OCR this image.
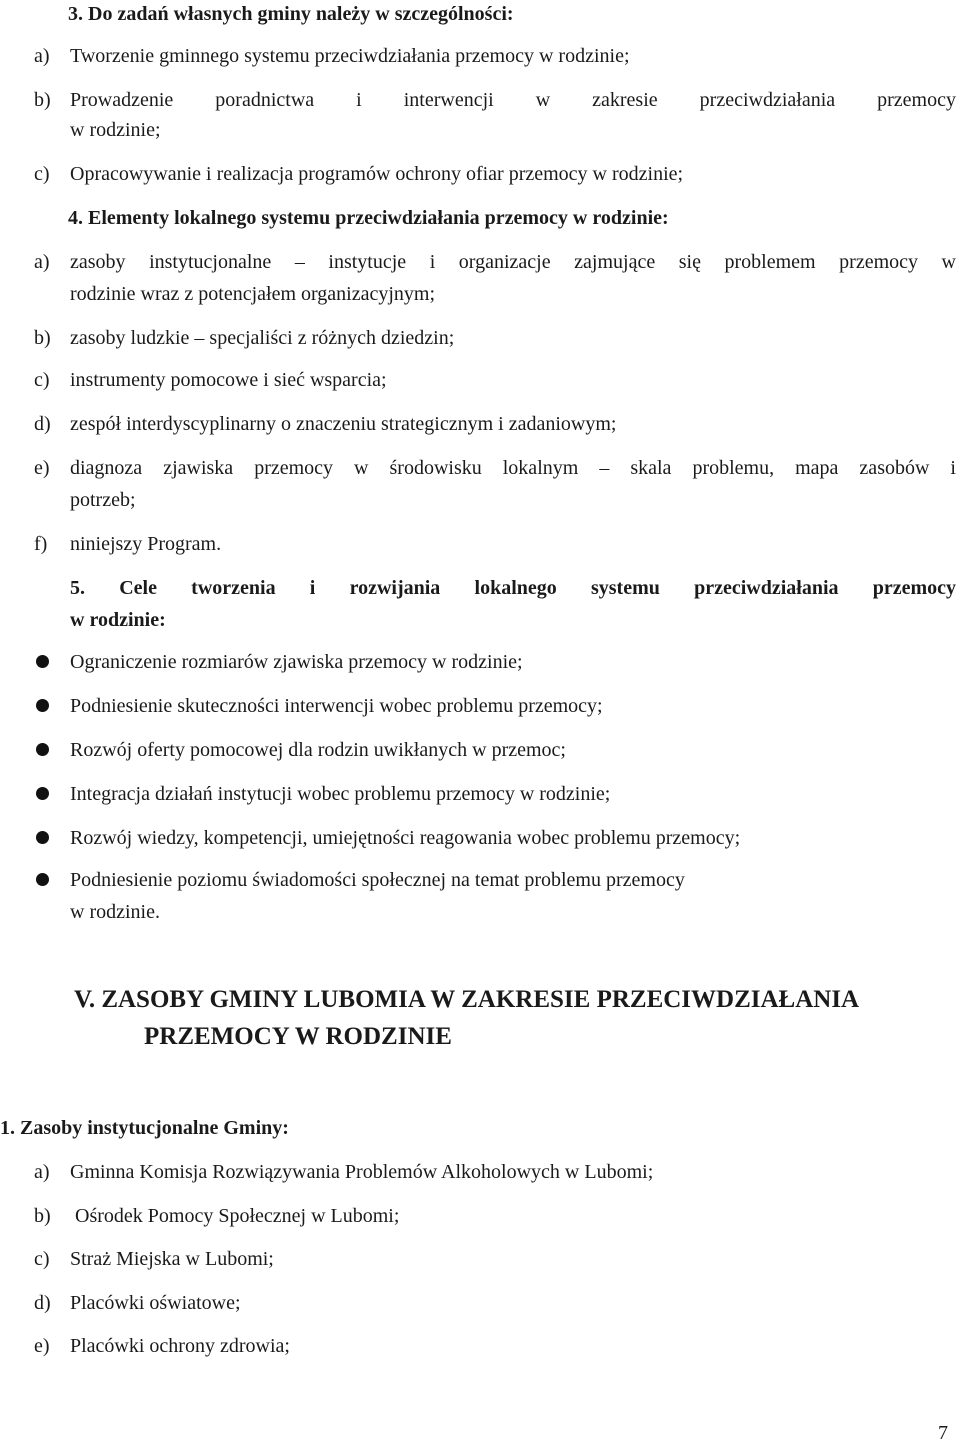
3. Do zadań własnych gminy należy w szczególności:
a) Tworzenie gminnego systemu przeciwdziałania przemocy w rodzinie;
b) Prowadzenie poradnictwa i interwencji w zakresie przeciwdziałania przemocy
w rodzinie;
c) Opracowywanie i realizacja programów ochrony ofiar przemocy w rodzinie;
4. Elementy lokalnego systemu przeciwdziałania przemocy w rodzinie:
a) zasoby instytucjonalne – instytucje i organizacje zajmujące się problemem przemocy w
rodzinie wraz z potencjałem organizacyjnym;
b) zasoby ludzkie – specjaliści z różnych dziedzin;
c) instrumenty pomocowe i sieć wsparcia;
d) zespół interdyscyplinarny o znaczeniu strategicznym i zadaniowym;
e) diagnoza zjawiska przemocy w środowisku lokalnym – skala problemu, mapa zasobów i
potrzeb;
f) niniejszy Program.
5. Cele tworzenia i rozwijania lokalnego systemu przeciwdziałania przemocy
w rodzinie:
Ograniczenie rozmiarów zjawiska przemocy w rodzinie;
Podniesienie skuteczności interwencji wobec problemu przemocy;
Rozwój oferty pomocowej dla rodzin uwikłanych w przemoc;
Integracja działań instytucji wobec problemu przemocy w rodzinie;
Rozwój wiedzy, kompetencji, umiejętności reagowania wobec problemu przemocy;
Podniesienie poziomu świadomości społecznej na temat problemu przemocy
w rodzinie.
V. ZASOBY GMINY LUBOMIA W ZAKRESIE PRZECIWDZIAŁANIA
PRZEMOCY W RODZINIE
1. Zasoby instytucjonalne Gminy:
a) Gminna Komisja Rozwiązywania Problemów Alkoholowych w Lubomi;
b) Ośrodek Pomocy Społecznej w Lubomi;
c) Straż Miejska w Lubomi;
d) Placówki oświatowe;
e) Placówki ochrony zdrowia;
7
